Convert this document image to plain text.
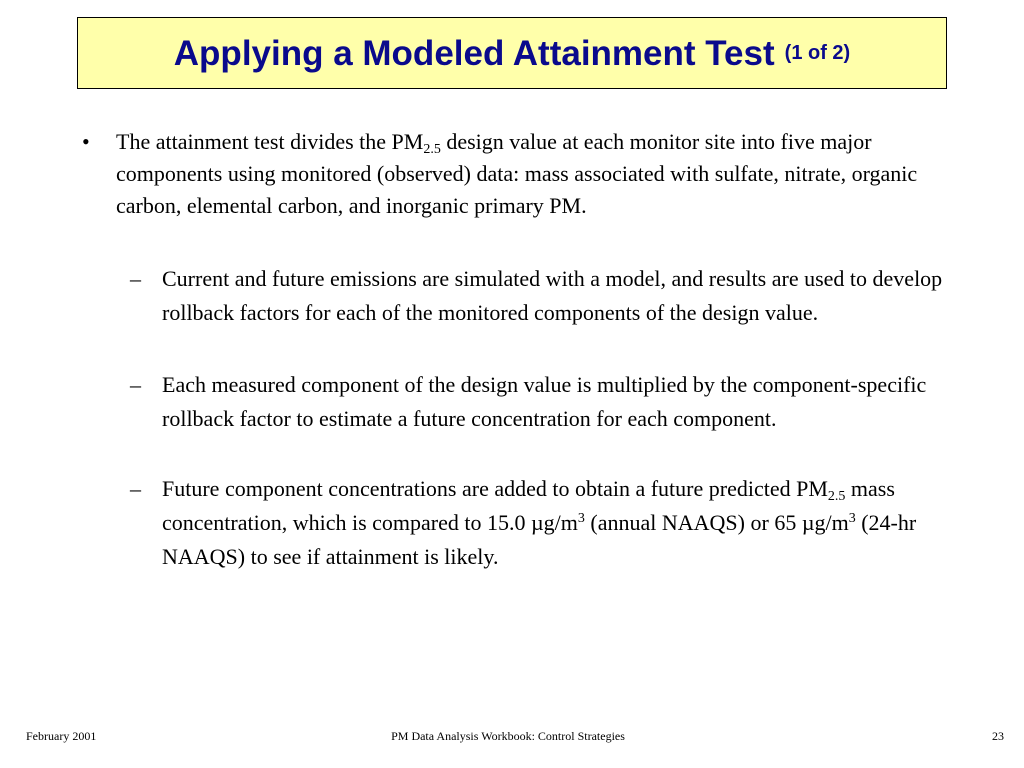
Applying a Modeled Attainment Test (1 of 2)
• The attainment test divides the $PM_{2.5}$ design value at each monitor site into five major components using monitored (observed) data: mass associated with sulfate, nitrate, organic carbon, elemental carbon, and inorganic primary PM.
– Current and future emissions are simulated with a model, and results are used to develop rollback factors for each of the monitored components of the design value.
– Each measured component of the design value is multiplied by the component-specific rollback factor to estimate a future concentration for each component.
– Future component concentrations are added to obtain a future predicted $PM_{2.5}$ mass concentration, which is compared to 15.0 $\mu g/m^3$ (annual NAAQS) or 65 $\mu g/m^3$ (24-hr NAAQS) to see if attainment is likely.
February 2001	PM Data Analysis Workbook: Control Strategies	23
